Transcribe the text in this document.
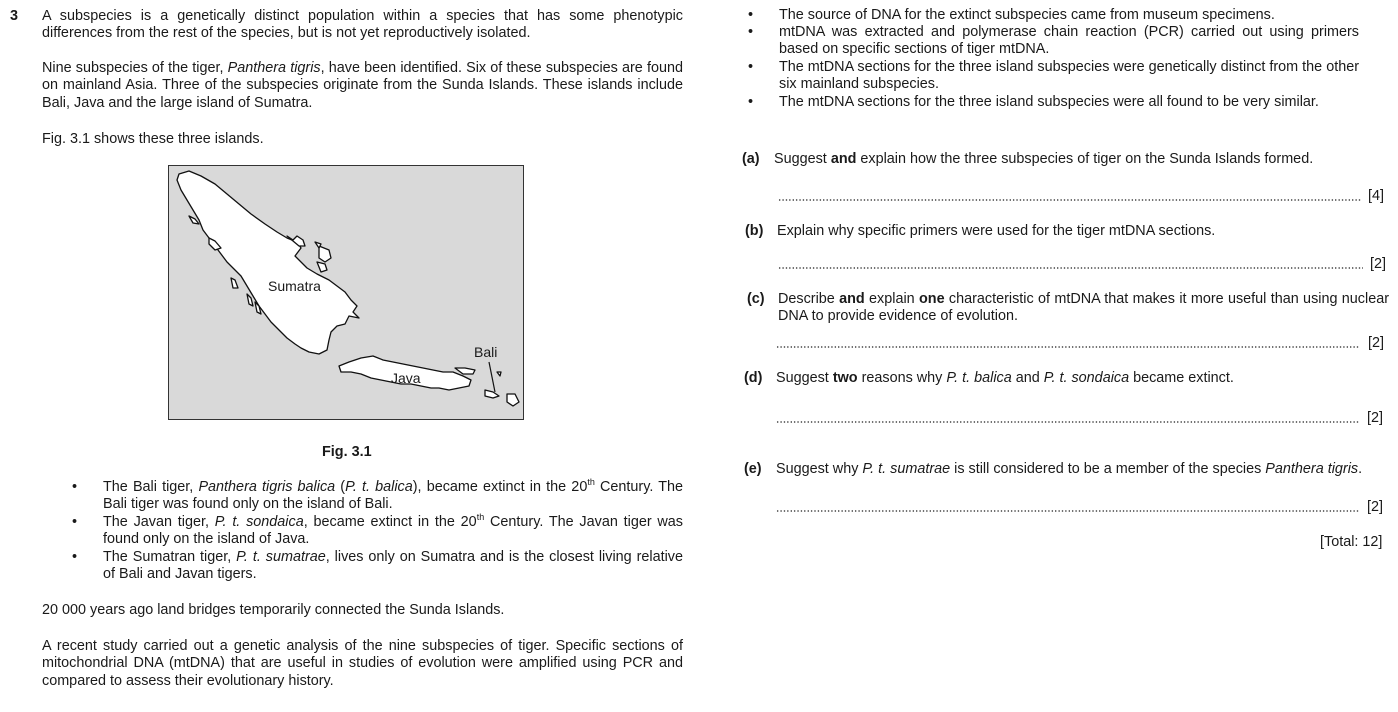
3 A subspecies is a genetically distinct population within a species that has some phenotypic differences from the rest of the species, but is not yet reproductively isolated.
Nine subspecies of the tiger, Panthera tigris, have been identified. Six of these subspecies are found on mainland Asia. Three of the subspecies originate from the Sunda Islands. These islands include Bali, Java and the large island of Sumatra.
Fig. 3.1 shows these three islands.
Sumatra
Java
Bali
Fig. 3.1
• The Bali tiger, Panthera tigris balica (P. t. balica), became extinct in the 20th Century. The Bali tiger was found only on the island of Bali.
• The Javan tiger, P. t. sondaica, became extinct in the 20th Century. The Javan tiger was found only on the island of Java.
• The Sumatran tiger, P. t. sumatrae, lives only on Sumatra and is the closest living relative of Bali and Javan tigers.
20 000 years ago land bridges temporarily connected the Sunda Islands.
A recent study carried out a genetic analysis of the nine subspecies of tiger. Specific sections of mitochondrial DNA (mtDNA) that are useful in studies of evolution were amplified using PCR and compared to assess their evolutionary history.
• The source of DNA for the extinct subspecies came from museum specimens.
• mtDNA was extracted and polymerase chain reaction (PCR) carried out using primers based on specific sections of tiger mtDNA.
• The mtDNA sections for the three island subspecies were genetically distinct from the other six mainland subspecies.
• The mtDNA sections for the three island subspecies were all found to be very similar.
(a) Suggest and explain how the three subspecies of tiger on the Sunda Islands formed.
[4]
(b) Explain why specific primers were used for the tiger mtDNA sections.
[2]
(c) Describe and explain one characteristic of mtDNA that makes it more useful than using nuclear DNA to provide evidence of evolution.
[2]
(d) Suggest two reasons why P. t. balica and P. t. sondaica became extinct.
[2]
(e) Suggest why P. t. sumatrae is still considered to be a member of the species Panthera tigris.
[2]
[Total: 12]
